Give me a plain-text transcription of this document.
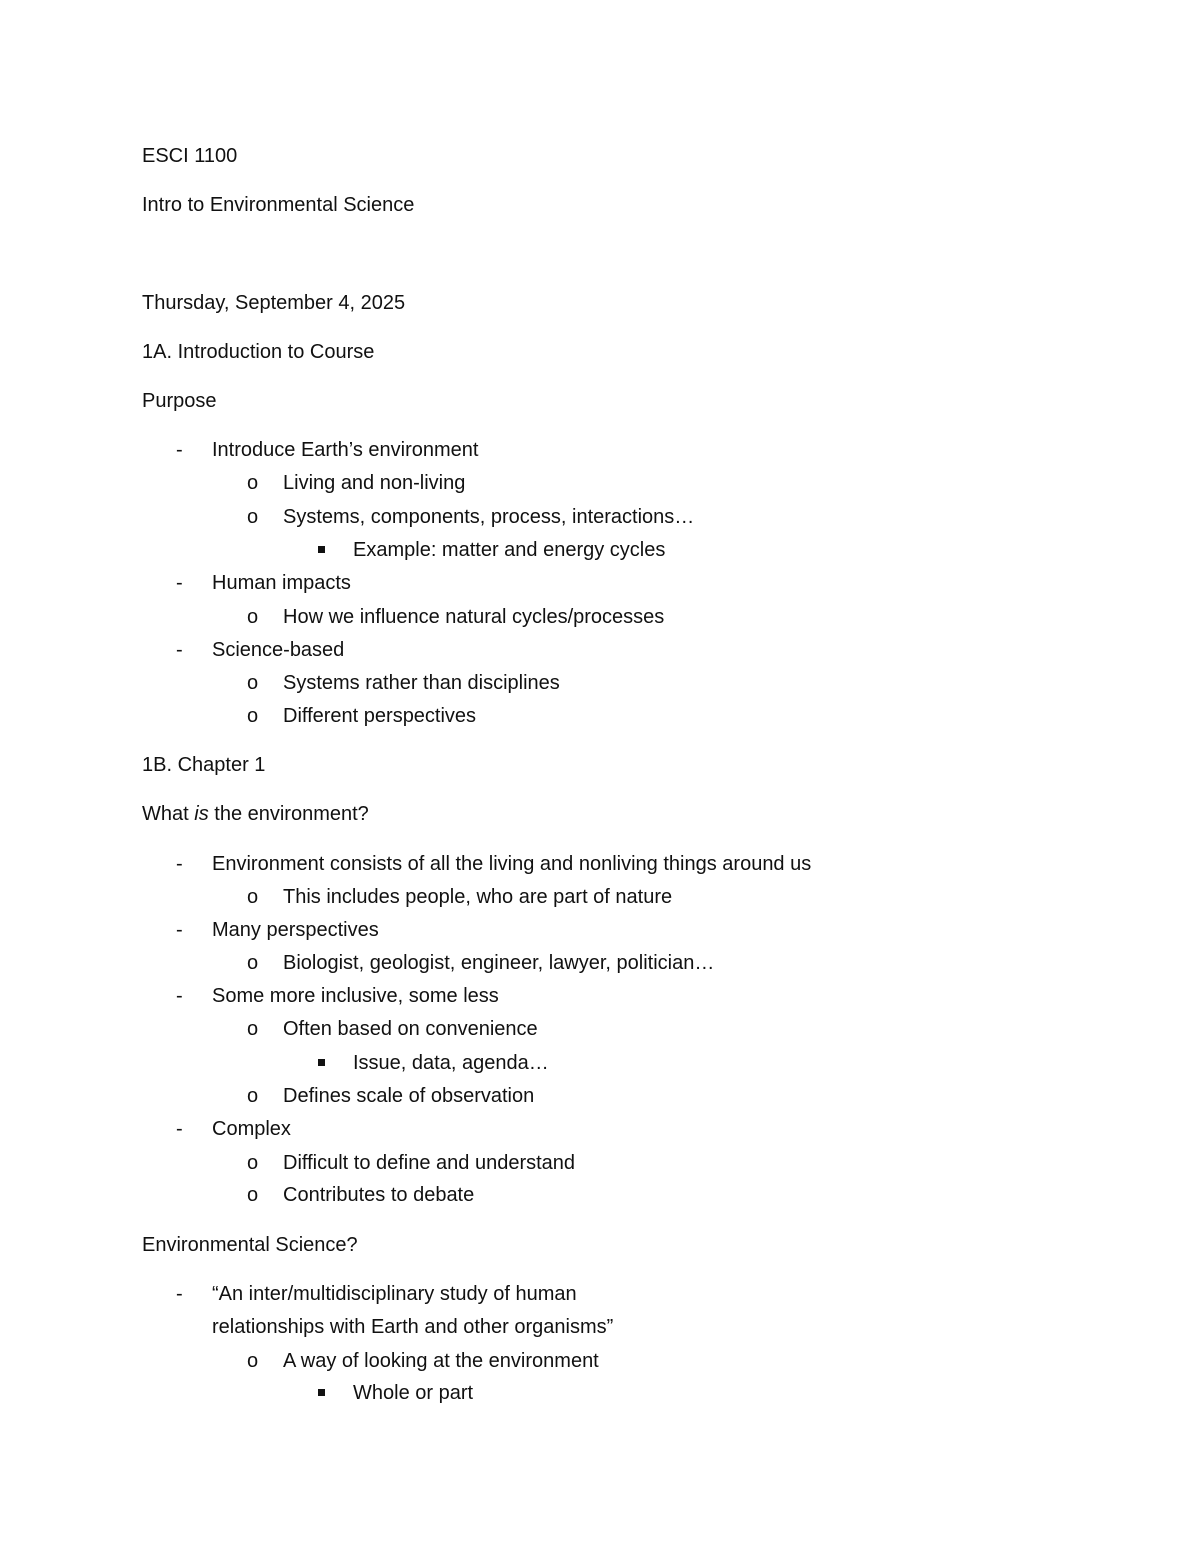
ESCI 1100
Intro to Environmental Science
Thursday, September 4, 2025
1A. Introduction to Course
Purpose
- Introduce Earth’s environment
o Living and non-living
o Systems, components, process, interactions…
Example: matter and energy cycles
- Human impacts
o How we influence natural cycles/processes
- Science-based
o Systems rather than disciplines
o Different perspectives
1B. Chapter 1
What is the environment?
- Environment consists of all the living and nonliving things around us
o This includes people, who are part of nature
- Many perspectives
o Biologist, geologist, engineer, lawyer, politician…
- Some more inclusive, some less
o Often based on convenience
Issue, data, agenda…
o Defines scale of observation
- Complex
o Difficult to define and understand
o Contributes to debate
Environmental Science?
- “An inter/multidisciplinary study of human
relationships with Earth and other organisms”
o A way of looking at the environment
Whole or part
